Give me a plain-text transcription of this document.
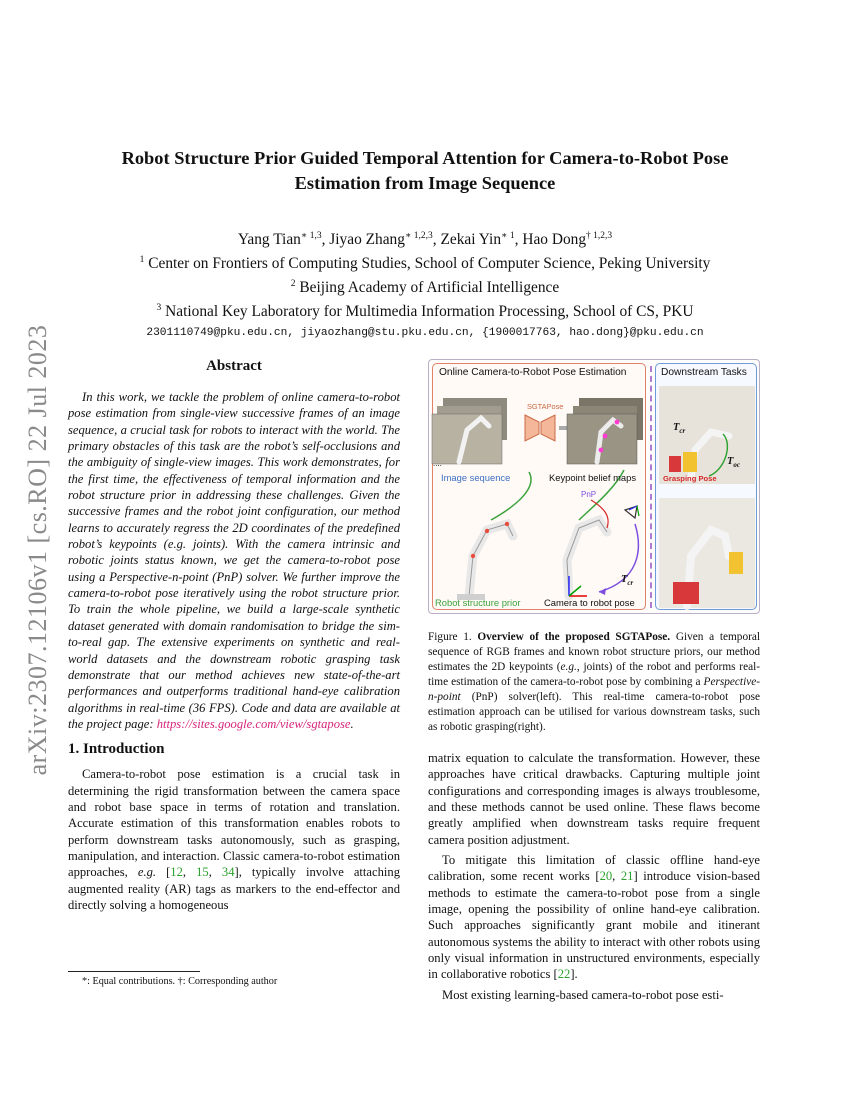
arXiv:2307.12106v1 [cs.RO] 22 Jul 2023
Robot Structure Prior Guided Temporal Attention for Camera-to-Robot Pose
Estimation from Image Sequence

Yang Tian$^{∗ 1,3}$, Jiyao Zhang$^{∗ 1,2,3}$, Zekai Yin$^{∗ 1}$, Hao Dong$^{\dagger 1,2,3}$

$^1$ Center on Frontiers of Computing Studies, School of Computer Science, Peking University

$^2$ Beijing Academy of Artificial Intelligence

$^3$ National Key Laboratory for Multimedia Information Processing, School of CS, PKU

2301110749@pku.edu.cn, jiyaozhang@stu.pku.edu.cn, {1900017763, hao.dong}@pku.edu.cn

Abstract

In this work, we tackle the problem of online camera-to-robot pose estimation from single-view successive frames of an image sequence, a crucial task for robots to interact with the world. The primary obstacles of this task are the robot’s self-occlusions and the ambiguity of single-view images. This work demonstrates, for the first time, the effectiveness of temporal information and the robot structure prior in addressing these challenges. Given the successive frames and the robot joint configuration, our method learns to accurately regress the 2D coordinates of the predefined robot’s keypoints (e.g. joints). With the camera intrinsic and robotic joints status known, we get the camera-to-robot pose using a Perspective-n-point (PnP) solver. We further improve the camera-to-robot pose iteratively using the robot structure prior. To train the whole pipeline, we build a large-scale synthetic dataset generated with domain randomisation to bridge the sim-to-real gap. The extensive experiments on synthetic and real-world datasets and the downstream robotic grasping task demonstrate that our method achieves new state-of-the-art performances and outperforms traditional hand-eye calibration algorithms in real-time (36 FPS). Code and data are available at the project page: https://sites.google.com/view/sgtapose.

1. Introduction

Camera-to-robot pose estimation is a crucial task in determining the rigid transformation between the camera space and robot base space in terms of rotation and translation. Accurate estimation of this transformation enables robots to perform downstream tasks autonomously, such as grasping, manipulation, and interaction. Classic camera-to-robot estimation approaches, e.g. [12, 15, 34], typically involve attaching augmented reality (AR) tags as markers to the end-effector and directly solving a homogeneous

*: Equal contributions. †: Corresponding author
Online Camera-to-Robot Pose Estimation	Downstream Tasks
SGTAPose
....
Image sequence	Keypoint belief maps
PnP
Robot structure prior	Camera to robot pose
$T_{cr}$
$T_{cr}$
$T_{oc}$
Grasping Pose

Figure 1. Overview of the proposed SGTAPose. Given a temporal sequence of RGB frames and known robot structure priors, our method estimates the 2D keypoints (e.g., joints) of the robot and performs real-time estimation of the camera-to-robot pose by combining a Perspective-n-point (PnP) solver(left). This real-time camera-to-robot pose estimation approach can be utilised for various downstream tasks, such as robotic grasping(right).

matrix equation to calculate the transformation. However, these approaches have critical drawbacks. Capturing multiple joint configurations and corresponding images is always troublesome, and these methods cannot be used online. These flaws become greatly amplified when downstream tasks require frequent camera position adjustment.

To mitigate this limitation of classic offline hand-eye calibration, some recent works [20, 21] introduce vision-based methods to estimate the camera-to-robot pose from a single image, opening the possibility of online hand-eye calibration. Such approaches significantly grant mobile and itinerant autonomous systems the ability to interact with other robots using only visual information in unstructured environments, especially in collaborative robotics [22].

Most existing learning-based camera-to-robot pose esti-
